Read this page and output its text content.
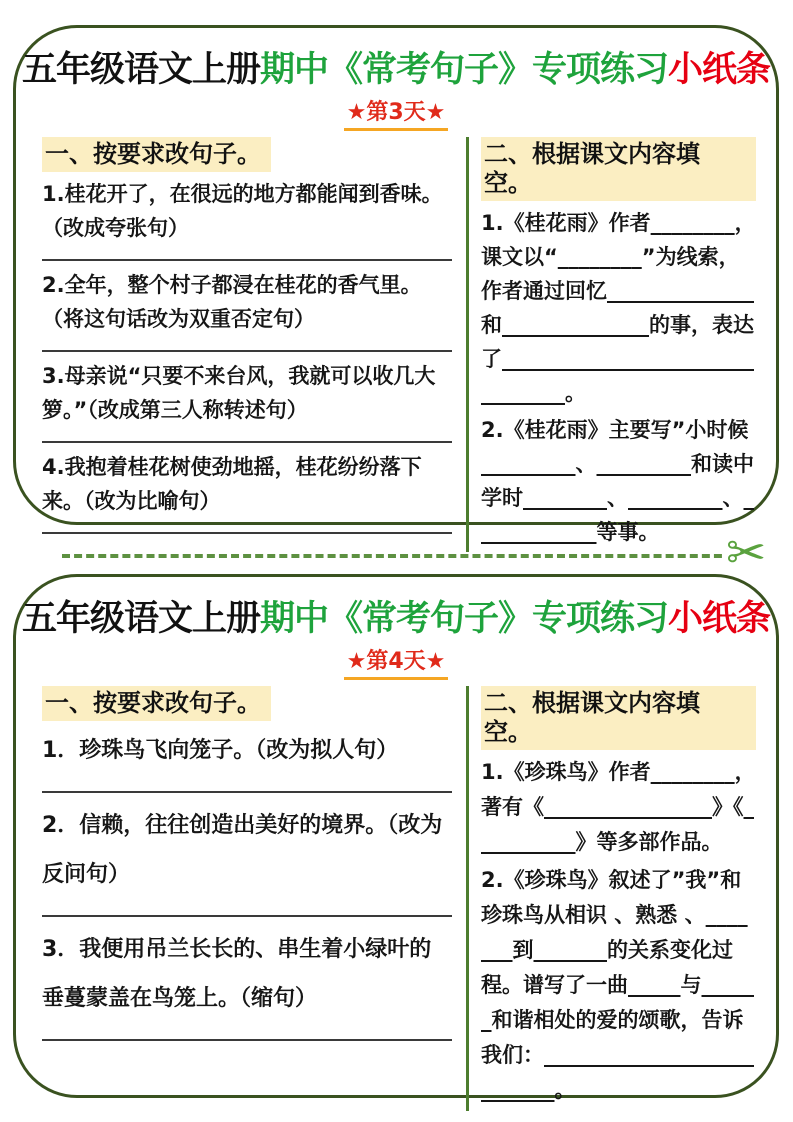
五年级语文上册期中《常考句子》专项练习小纸条
★第3天★
一、按要求改句子。
1.桂花开了，在很远的地方都能闻到香味。（改成夸张句）
2.全年，整个村子都浸在桂花的香气里。（将这句话改为双重否定句）
3.母亲说“只要不来台风，我就可以收几大箩。”（改成第三人称转述句）
4.我抱着桂花树使劲地摇，桂花纷纷落下来。（改为比喻句）
二、根据课文内容填空。
1.《桂花雨》作者________，课文以“________”为线索，作者通过回忆______________和______________的事，表达了________________________________。
2.《桂花雨》主要写”小时候_________、_________和读中学时________、_________、____________等事。	✂
五年级语文上册期中《常考句子》专项练习小纸条
★第4天★
一、按要求改句子。
1．珍珠鸟飞向笼子。（改为拟人句）
2．信赖，往往创造出美好的境界。（改为反问句）
3．我便用吊兰长长的、串生着小绿叶的垂蔓蒙盖在鸟笼上。（缩句）
二、根据课文内容填空。
1.《珍珠鸟》作者________，著有《________________》《__________》等多部作品。
2.《珍珠鸟》叙述了”我”和珍珠鸟从相识 、熟悉 、_______到_______的关系变化过程。谱写了一曲_____与______和谐相处的爱的颂歌，告诉我们：___________________________。
